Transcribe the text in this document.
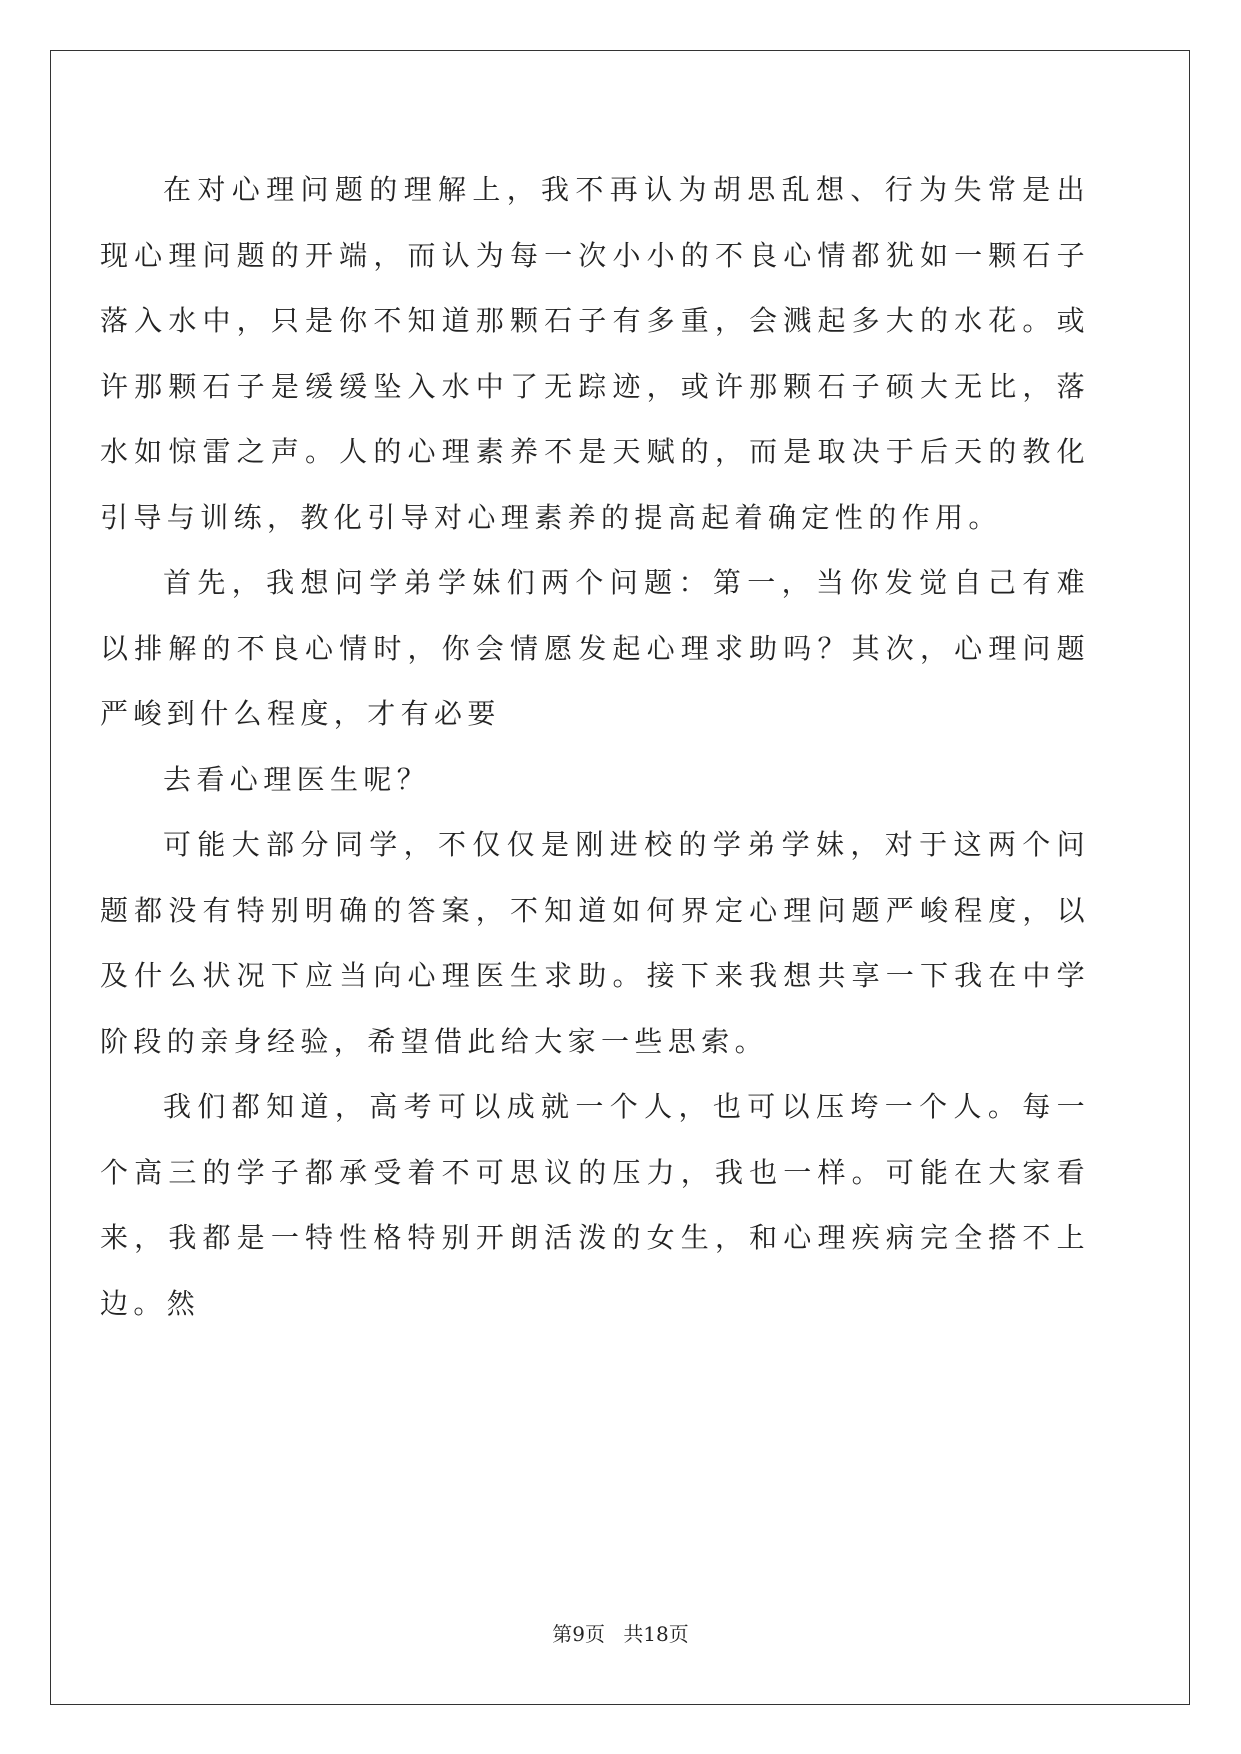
在对心理问题的理解上，我不再认为胡思乱想、行为失常是出现心理问题的开端，而认为每一次小小的不良心情都犹如一颗石子落入水中，只是你不知道那颗石子有多重，会溅起多大的水花。或许那颗石子是缓缓坠入水中了无踪迹，或许那颗石子硕大无比，落水如惊雷之声。人的心理素养不是天赋的，而是取决于后天的教化引导与训练，教化引导对心理素养的提高起着确定性的作用。

首先，我想问学弟学妹们两个问题：第一，当你发觉自己有难以排解的不良心情时，你会情愿发起心理求助吗？其次，心理问题严峻到什么程度，才有必要

去看心理医生呢？

可能大部分同学，不仅仅是刚进校的学弟学妹，对于这两个问题都没有特别明确的答案，不知道如何界定心理问题严峻程度，以及什么状况下应当向心理医生求助。接下来我想共享一下我在中学阶段的亲身经验，希望借此给大家一些思索。

我们都知道，高考可以成就一个人，也可以压垮一个人。每一个高三的学子都承受着不可思议的压力，我也一样。可能在大家看来，我都是一特性格特别开朗活泼的女生，和心理疾病完全搭不上边。然

第9页 共18页
